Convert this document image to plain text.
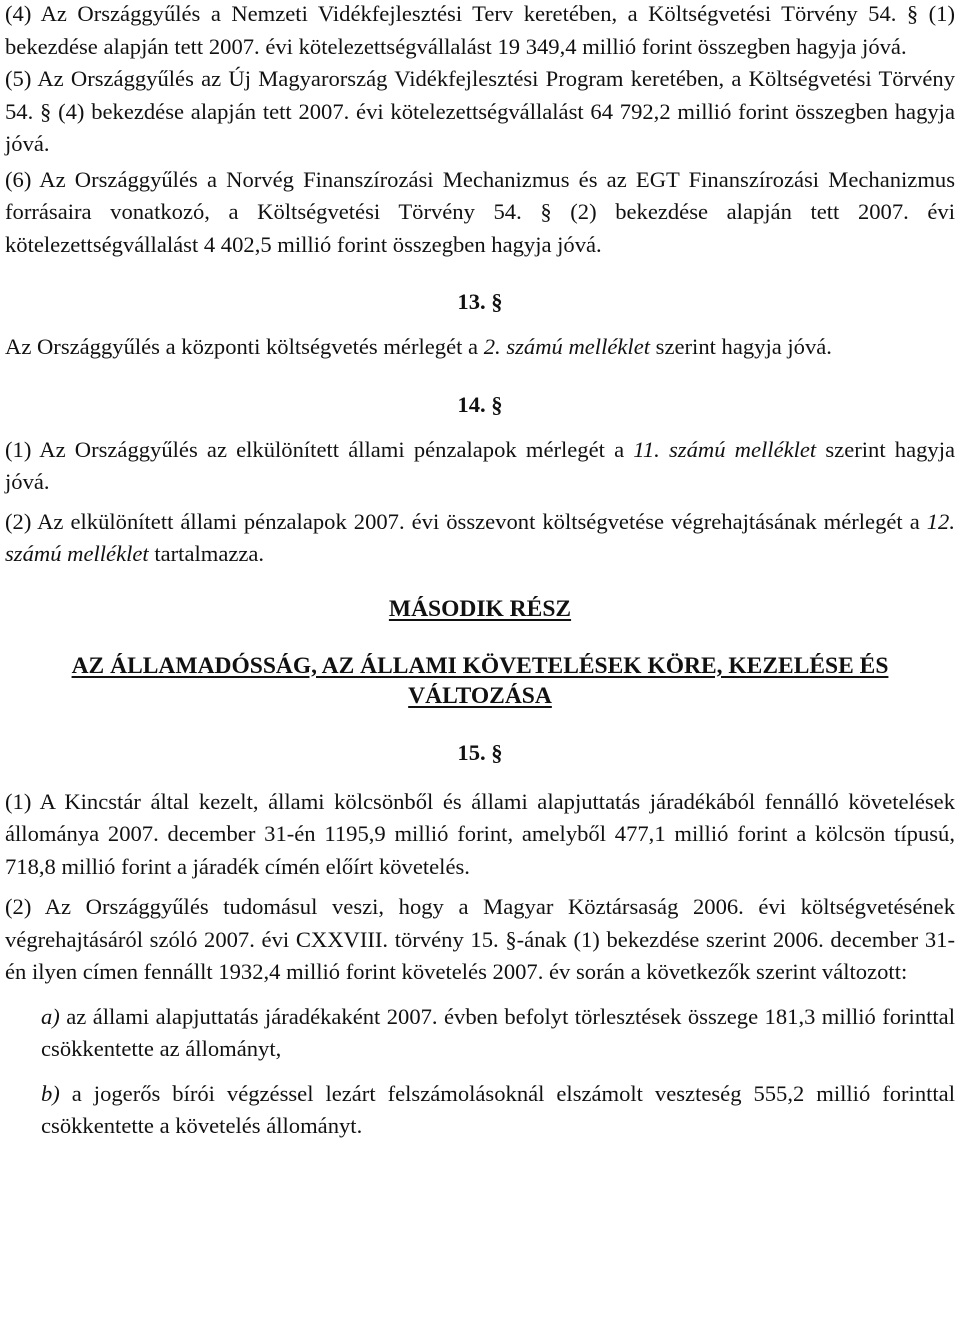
(4) Az Országgyűlés a Nemzeti Vidékfejlesztési Terv keretében, a Költségvetési Törvény 54. § (1) bekezdése alapján tett 2007. évi kötelezettségvállalást 19 349,4 millió forint összegben hagyja jóvá.

(5) Az Országgyűlés az Új Magyarország Vidékfejlesztési Program keretében, a Költségvetési Törvény 54. § (4) bekezdése alapján tett 2007. évi kötelezettségvállalást 64 792,2 millió forint összegben hagyja jóvá.

(6) Az Országgyűlés a Norvég Finanszírozási Mechanizmus és az EGT Finanszírozási Mechanizmus forrásaira vonatkozó, a Költségvetési Törvény 54. § (2) bekezdése alapján tett 2007. évi kötelezettségvállalást 4 402,5 millió forint összegben hagyja jóvá.

13. §

Az Országgyűlés a központi költségvetés mérlegét a 2. számú melléklet szerint hagyja jóvá.

14. §

(1) Az Országgyűlés az elkülönített állami pénzalapok mérlegét a 11. számú melléklet szerint hagyja jóvá.

(2) Az elkülönített állami pénzalapok 2007. évi összevont költségvetése végrehajtásának mérlegét a 12. számú melléklet tartalmazza.

MÁSODIK RÉSZ

AZ ÁLLAMADÓSSÁG, AZ ÁLLAMI KÖVETELÉSEK KÖRE, KEZELÉSE ÉS VÁLTOZÁSA

15. §

(1) A Kincstár által kezelt, állami kölcsönből és állami alapjuttatás járadékából fennálló követelések állománya 2007. december 31-én 1195,9 millió forint, amelyből 477,1 millió forint a kölcsön típusú, 718,8 millió forint a járadék címén előírt követelés.

(2) Az Országgyűlés tudomásul veszi, hogy a Magyar Köztársaság 2006. évi költségvetésének végrehajtásáról szóló 2007. évi CXXVIII. törvény 15. §-ának (1) bekezdése szerint 2006. december 31-én ilyen címen fennállt 1932,4 millió forint követelés 2007. év során a következők szerint változott:

a) az állami alapjuttatás járadékaként 2007. évben befolyt törlesztések összege 181,3 millió forinttal csökkentette az állományt,

b) a jogerős bírói végzéssel lezárt felszámolásoknál elszámolt veszteség 555,2 millió forinttal csökkentette a követelés állományt.
